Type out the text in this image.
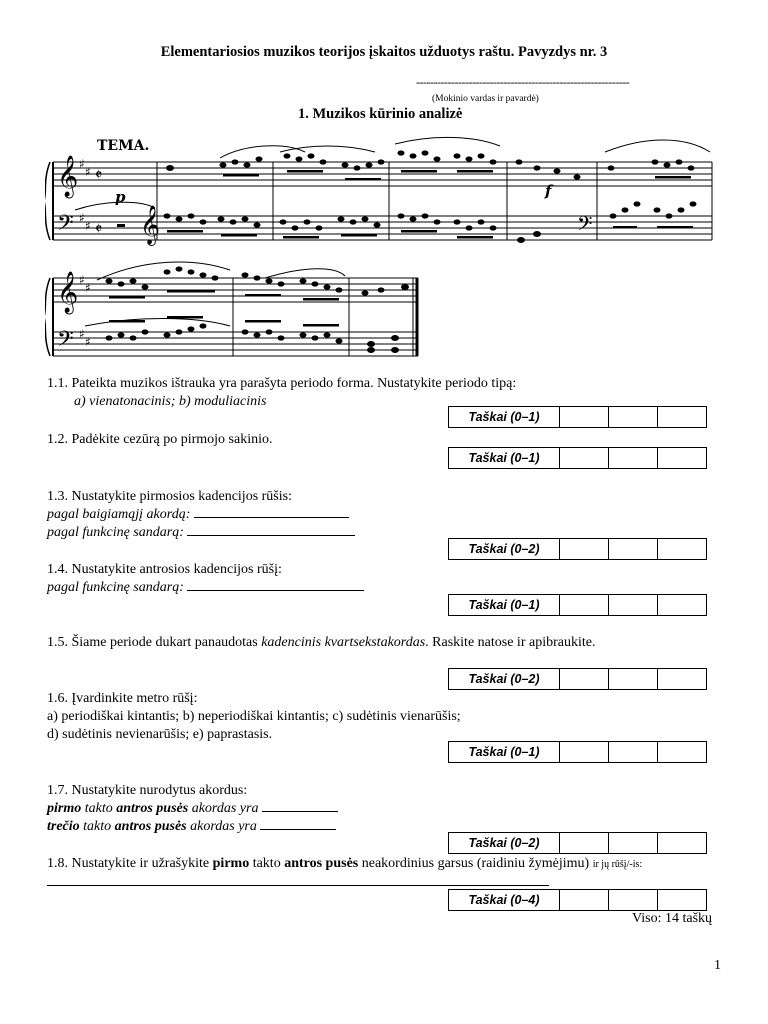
Elementariosios muzikos teorijos įskaitos užduotys raštu. Pavyzdys nr. 3
-------------------------------------------------------------
(Mokinio vardas ir pavardė)
1. Muzikos kūrinio analizė
TEMA.
p	f
𝄞
𝄢
𝄞
𝄢
𝄞	𝄢
♯
♯
♯
♯
♯
♯
♯
♯
𝄵
𝄵
1.1. Pateikta muzikos ištrauka yra parašyta periodo forma. Nustatykite periodo tipą:
a) vienatonacinis; b) moduliacinis
Taškai (0–1)
1.2. Padėkite cezūrą po pirmojo sakinio.
Taškai (0–1)
1.3. Nustatykite pirmosios kadencijos rūšis:
pagal baigiamąjį akordą:
pagal funkcinę sandarą:
Taškai (0–2)
1.4. Nustatykite antrosios kadencijos rūšį:
pagal funkcinę sandarą:
Taškai (0–1)
1.5. Šiame periode dukart panaudotas kadencinis kvartsekstakordas. Raskite natose ir apibraukite.
Taškai (0–2)
1.6. Įvardinkite metro rūšį:
a) periodiškai kintantis; b) neperiodiškai kintantis; c) sudėtinis vienarūšis;
d) sudėtinis nevienarūšis; e) paprastasis.
Taškai (0–1)
1.7. Nustatykite nurodytus akordus:
pirmo takto antros pusės akordas yra
trečio takto antros pusės akordas yra
Taškai (0–2)
1.8. Nustatykite ir užrašykite pirmo takto antros pusės neakordinius garsus (raidiniu žymėjimu) ir jų rūšį/-is:
Taškai (0–4)
Viso: 14 taškų
1
